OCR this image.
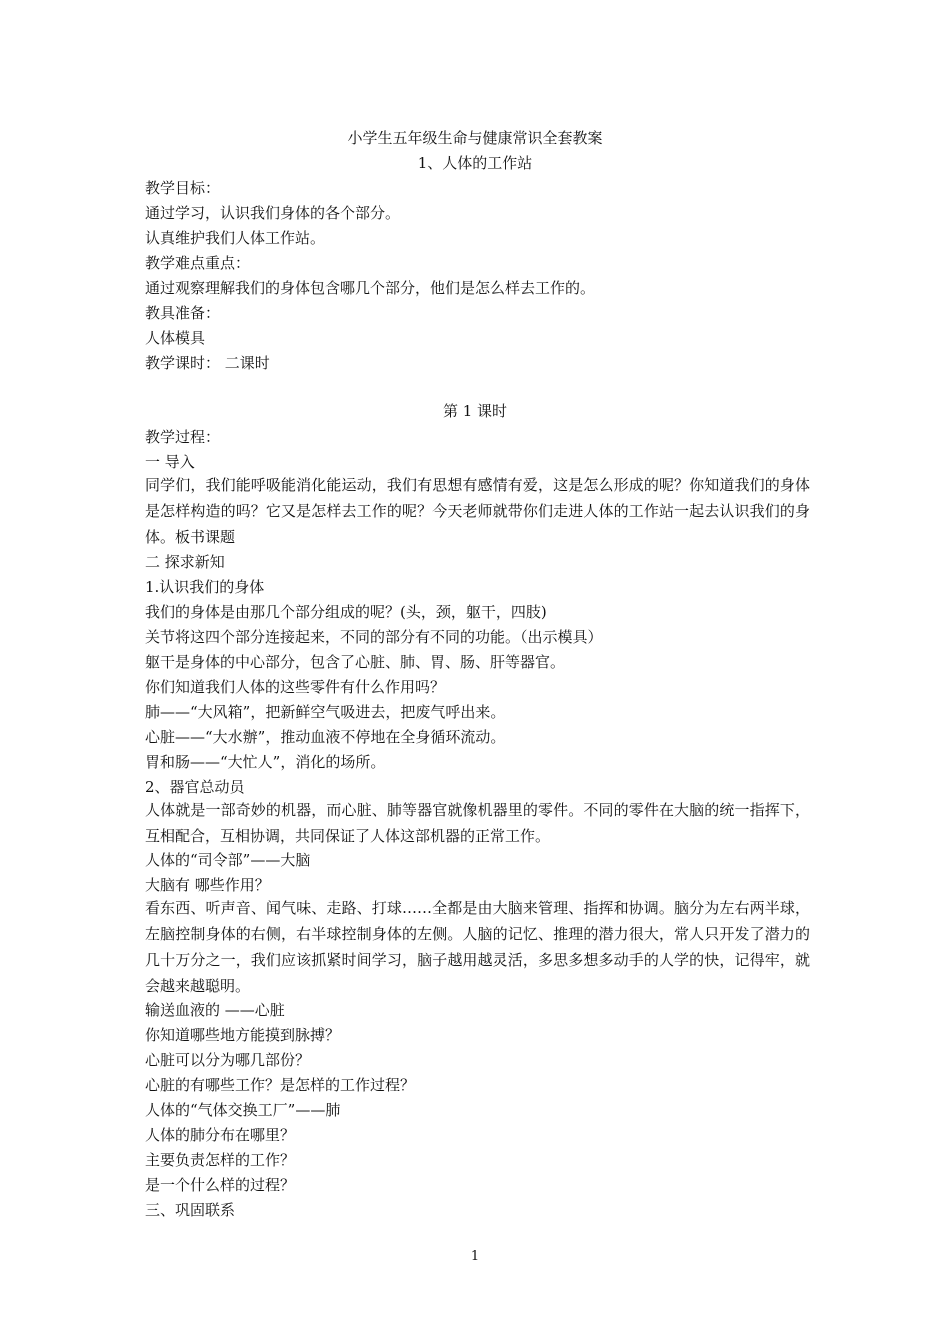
小学生五年级生命与健康常识全套教案
1、人体的工作站
教学目标：
通过学习，认识我们身体的各个部分。
认真维护我们人体工作站。
教学难点重点：
通过观察理解我们的身体包含哪几个部分，他们是怎么样去工作的。
教具准备：
人体模具
教学课时： 二课时
第 1 课时
教学过程：
一 导入
同学们，我们能呼吸能消化能运动，我们有思想有感情有爱，这是怎么形成的呢？你知道我们的身体是怎样构造的吗？它又是怎样去工作的呢？今天老师就带你们走进人体的工作站一起去认识我们的身体。板书课题
二 探求新知
1.认识我们的身体
我们的身体是由那几个部分组成的呢？(头，颈，躯干，四肢)
关节将这四个部分连接起来，不同的部分有不同的功能。（出示模具）
躯干是身体的中心部分，包含了心脏、肺、胃、肠、肝等器官。
你们知道我们人体的这些零件有什么作用吗？
肺——“大风箱”，把新鲜空气吸进去，把废气呼出来。
心脏——“大水辦”，推动血液不停地在全身循环流动。
胃和肠——“大忙人”，消化的场所。
2、器官总动员
人体就是一部奇妙的机器，而心脏、肺等器官就像机器里的零件。不同的零件在大脑的统一指挥下，互相配合，互相协调，共同保证了人体这部机器的正常工作。
人体的“司令部”——大脑
大脑有 哪些作用？
看东西、听声音、闻气味、走路、打球……全都是由大脑来管理、指挥和协调。脑分为左右两半球，左脑控制身体的右侧，右半球控制身体的左侧。人脑的记忆、推理的潜力很大，常人只开发了潜力的几十万分之一，我们应该抓紧时间学习，脑子越用越灵活，多思多想多动手的人学的快，记得牢，就会越来越聪明。
输送血液的 ——心脏
你知道哪些地方能摸到脉搏？
心脏可以分为哪几部份？
心脏的有哪些工作？是怎样的工作过程？
人体的“气体交换工厂”——肺
人体的肺分布在哪里？
主要负责怎样的工作？
是一个什么样的过程？
三、巩固联系
1
